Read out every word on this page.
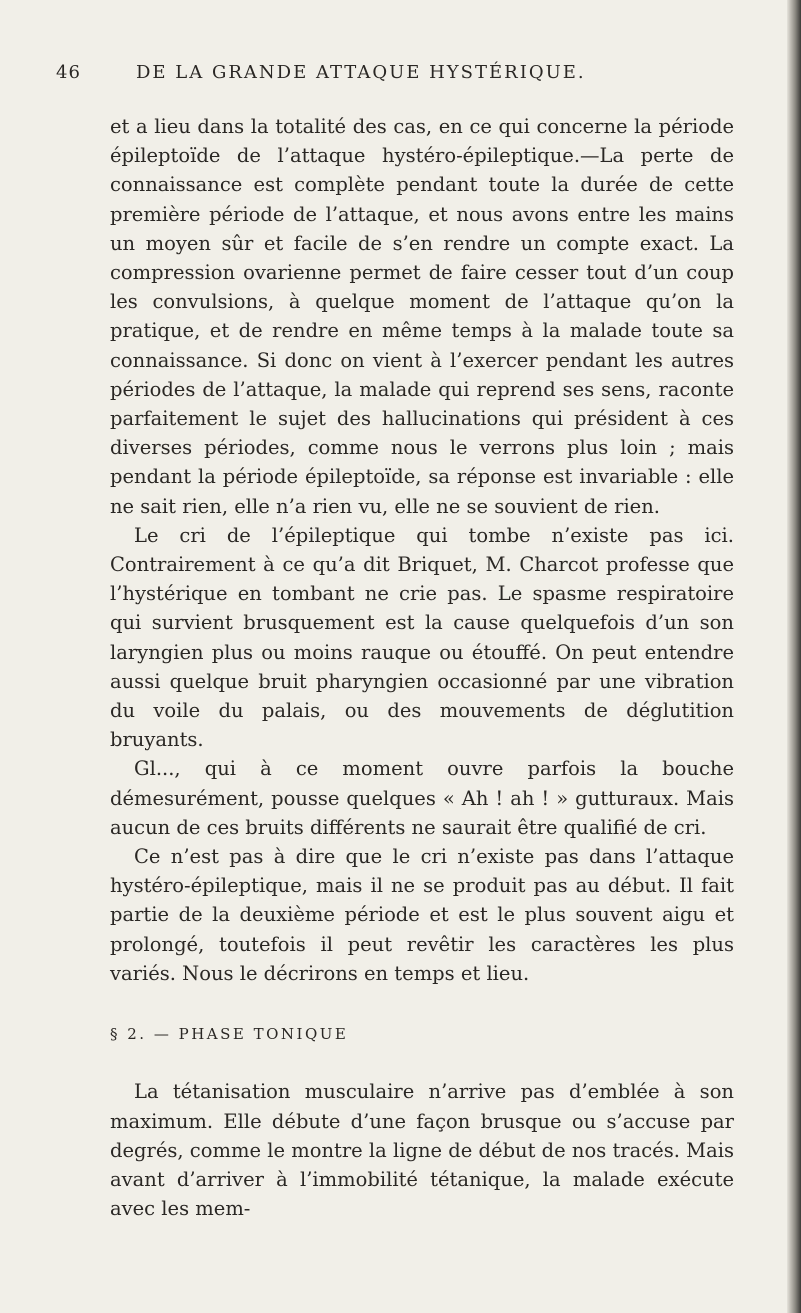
46	DE LA GRANDE ATTAQUE HYSTÉRIQUE.

et a lieu dans la totalité des cas, en ce qui concerne la période épileptoïde de l’attaque hystéro-épileptique.—La perte de connaissance est complète pendant toute la durée de cette première période de l’attaque, et nous avons entre les mains un moyen sûr et facile de s’en rendre un compte exact. La compression ovarienne permet de faire cesser tout d’un coup les convulsions, à quelque moment de l’attaque qu’on la pratique, et de rendre en même temps à la malade toute sa connaissance. Si donc on vient à l’exercer pendant les autres périodes de l’attaque, la malade qui reprend ses sens, raconte parfaitement le sujet des hallucinations qui président à ces diverses périodes, comme nous le verrons plus loin ; mais pendant la période épileptoïde, sa réponse est invariable : elle ne sait rien, elle n’a rien vu, elle ne se souvient de rien.

Le cri de l’épileptique qui tombe n’existe pas ici. Contrairement à ce qu’a dit Briquet, M. Charcot professe que l’hystérique en tombant ne crie pas. Le spasme respiratoire qui survient brusquement est la cause quelquefois d’un son laryngien plus ou moins rauque ou étouffé. On peut entendre aussi quelque bruit pharyngien occasionné par une vibration du voile du palais, ou des mouvements de déglutition bruyants.

Gl..., qui à ce moment ouvre parfois la bouche démesurément, pousse quelques « Ah ! ah ! » gutturaux. Mais aucun de ces bruits différents ne saurait être qualifié de cri.

Ce n’est pas à dire que le cri n’existe pas dans l’attaque hystéro-épileptique, mais il ne se produit pas au début. Il fait partie de la deuxième période et est le plus souvent aigu et prolongé, toutefois il peut revêtir les caractères les plus variés. Nous le décrirons en temps et lieu.

§ 2. — PHASE TONIQUE

La tétanisation musculaire n’arrive pas d’emblée à son maximum. Elle débute d’une façon brusque ou s’accuse par degrés, comme le montre la ligne de début de nos tracés. Mais avant d’arriver à l’immobilité tétanique, la malade exécute avec les mem-
